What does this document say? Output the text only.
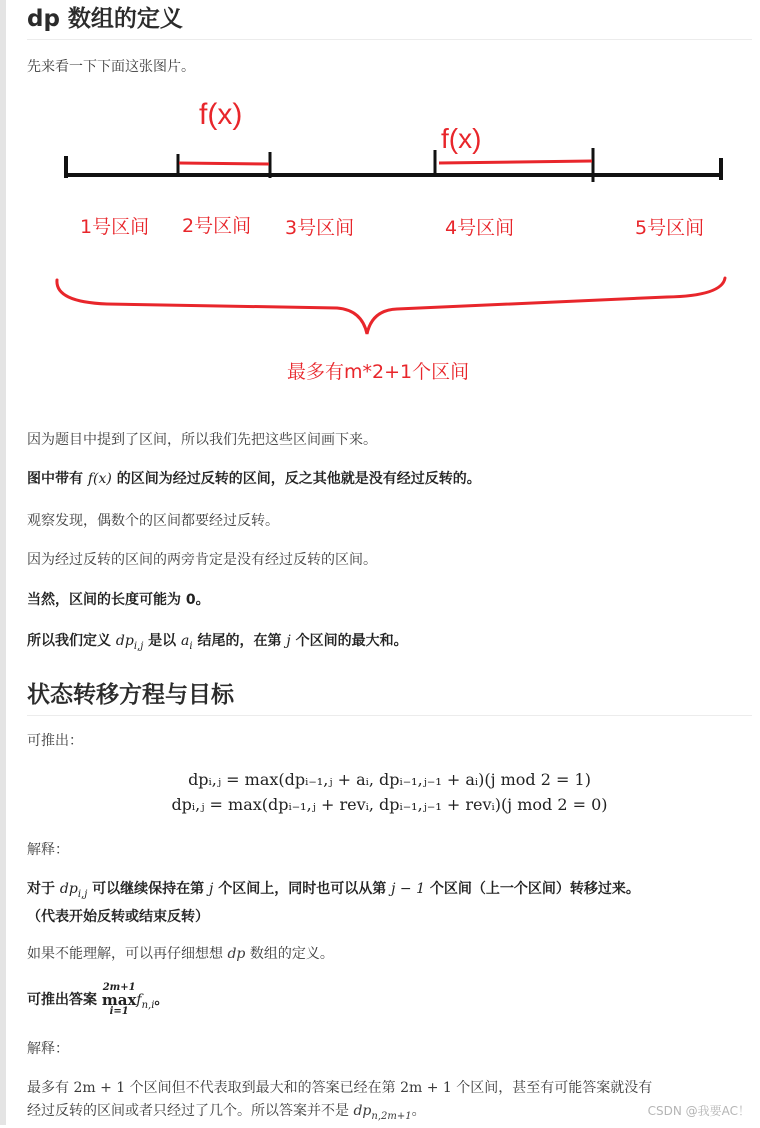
dp 数组的定义

先来看一下下面这张图片。

f(x)
f(x)
1号区间 2号区间 3号区间	4号区间	5号区间
最多有m*2+1个区间

因为题目中提到了区间，所以我们先把这些区间画下来。

图中带有 f(x) 的区间为经过反转的区间，反之其他就是没有经过反转的。

观察发现，偶数个的区间都要经过反转。

因为经过反转的区间的两旁肯定是没有经过反转的区间。

当然，区间的长度可能为 0。

所以我们定义 $dp_{i,j}$ 是以 $a_i$ 结尾的，在第 j 个区间的最大和。

状态转移方程与目标

可推出：

dpᵢ,ⱼ = max(dpᵢ₋₁,ⱼ + aᵢ, dpᵢ₋₁,ⱼ₋₁ + aᵢ)(j mod 2 = 1)
dpᵢ,ⱼ = max(dpᵢ₋₁,ⱼ + revᵢ, dpᵢ₋₁,ⱼ₋₁ + revᵢ)(j mod 2 = 0)

解释：

对于 $dp_{i,j}$ 可以继续保持在第 j 个区间上，同时也可以从第 j − 1 个区间（上一个区间）转移过来。
（代表开始反转或结束反转）

如果不能理解，可以再仔细想想 dp 数组的定义。

可推出答案
2m+1
max
i=1
$f_{n,i}$。

解释：

最多有 2m + 1 个区间但不代表取到最大和的答案已经在第 2m + 1 个区间，甚至有可能答案就没有
经过反转的区间或者只经过了几个。所以答案并不是 $dp_{n,2m+1}$。	CSDN @我要AC！
